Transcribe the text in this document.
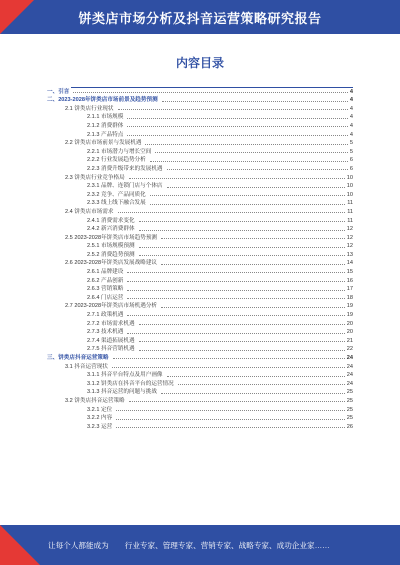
饼类店市场分析及抖音运营策略研究报告
内容目录
一、引言	4
二、2023-2028年饼类店市场前景及趋势预测	4
2.1 饼类店行业现状	4
2.1.1 市场规模	4
2.1.2 消费群体	4
2.1.3 产品特点	4
2.2 饼类店市场前景与发展机遇	5
2.2.1 市场潜力与增长空间	5
2.2.2 行业发展趋势分析	6
2.2.3 消费升级带来的发展机遇	6
2.3 饼类店行业竞争格局	10
2.3.1 品牌、连锁门店与个体店	10
2.3.2 竞争、产品同质化	10
2.3.3 线上线下融合发展	11
2.4 饼类店市场需求	11
2.4.1 消费需求变化	11
2.4.2 新兴消费群体	12
2.5 2023-2028年饼类店市场趋势预测	12
2.5.1 市场规模预测	12
2.5.2 消费趋势预测	13
2.6 2023-2028年饼类店发展战略建议	14
2.6.1 品牌建设	15
2.6.2 产品创新	16
2.6.3 营销策略	17
2.6.4 门店运营	18
2.7 2023-2028年饼类店市场机遇分析	19
2.7.1 政策机遇	19
2.7.2 市场需求机遇	20
2.7.3 技术机遇	20
2.7.4 渠道拓展机遇	21
2.7.5 抖音营销机遇	22
三、饼类店抖音运营策略	24
3.1 抖音运营现状	24
3.1.1 抖音平台特点及用户画像	24
3.1.2 饼类店在抖音平台的运营情况	24
3.1.3 抖音运营的问题与挑战	25
3.2 饼类店抖音运营策略	25
3.2.1 定位	25
3.2.2 内容	25
3.2.3 运营	26
让每个人都能成为 行业专家、管理专家、营销专家、战略专家、成功企业家……
